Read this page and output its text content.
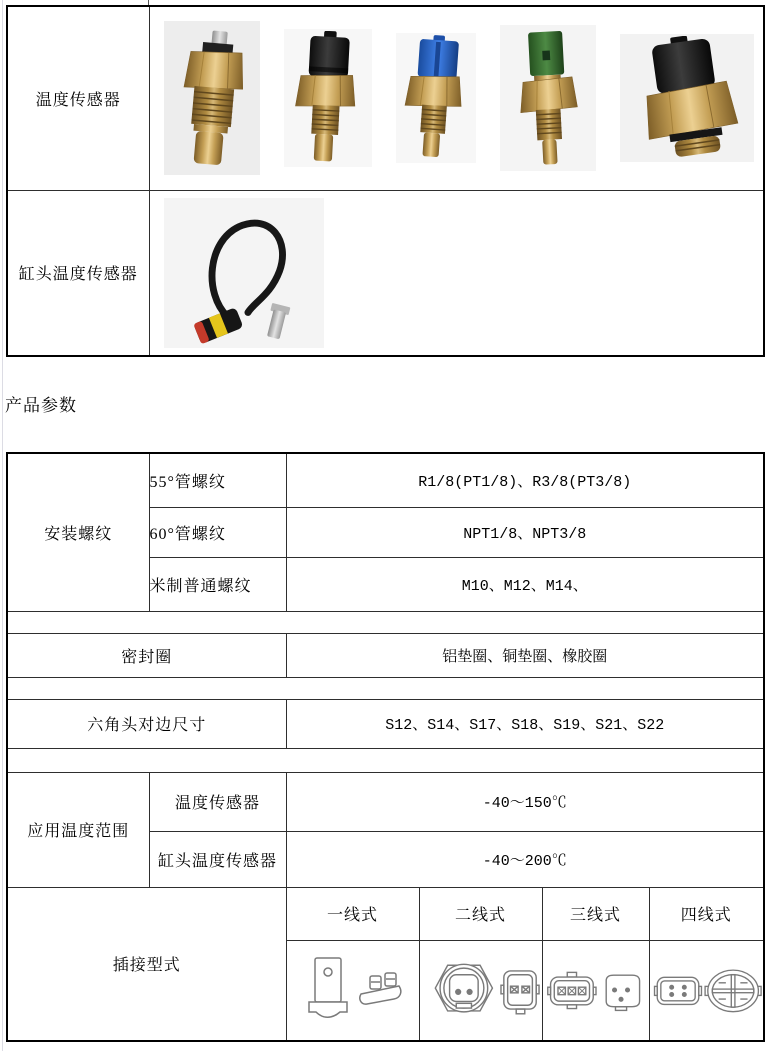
温度传感器	

缸头温度传感器	
产品参数
安装螺纹	55°管螺纹	R1/8(PT1/8)、R3/8(PT3/8)			
	60°管螺纹	NPT1/8、NPT3/8			
	米制普通螺纹	M10、M12、M14、			

密封圈		铝垫圈、铜垫圈、橡胶圈			

六角头对边尺寸		S12、S14、S17、S18、S19、S21、S22			

应用温度范围	温度传感器	-40～150℃			
	缸头温度传感器	-40～200℃			
插接型式		一线式	二线式	三线式	四线式
